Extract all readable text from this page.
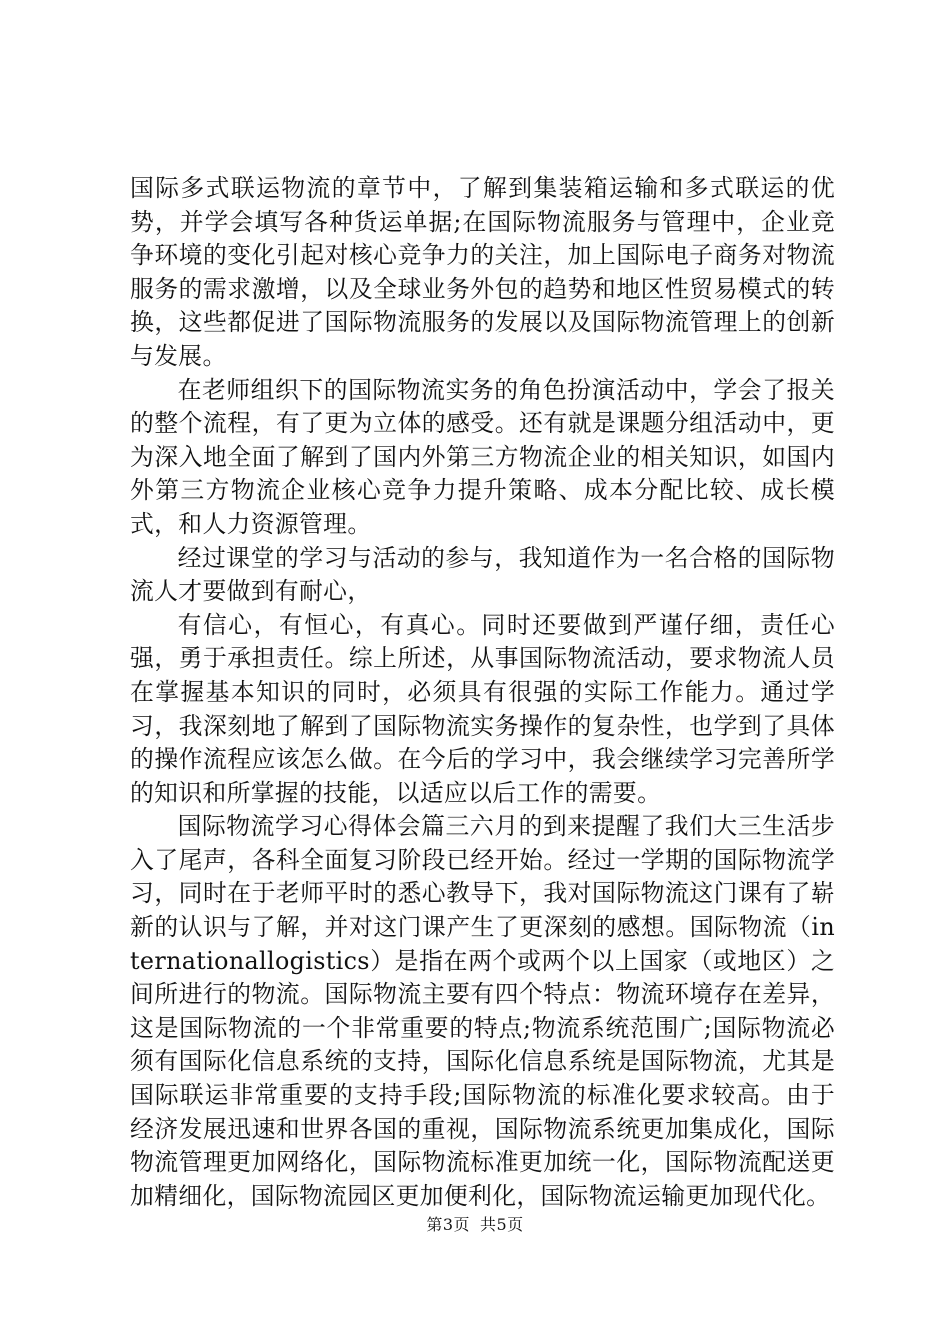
国际多式联运物流的章节中，了解到集装箱运输和多式联运的优势，并学会填写各种货运单据;在国际物流服务与管理中，企业竞争环境的变化引起对核心竞争力的关注，加上国际电子商务对物流服务的需求激增，以及全球业务外包的趋势和地区性贸易模式的转换，这些都促进了国际物流服务的发展以及国际物流管理上的创新与发展。

在老师组织下的国际物流实务的角色扮演活动中，学会了报关的整个流程，有了更为立体的感受。还有就是课题分组活动中，更为深入地全面了解到了国内外第三方物流企业的相关知识，如国内外第三方物流企业核心竞争力提升策略、成本分配比较、成长模式，和人力资源管理。

经过课堂的学习与活动的参与，我知道作为一名合格的国际物流人才要做到有耐心，

有信心，有恒心，有真心。同时还要做到严谨仔细，责任心强，勇于承担责任。综上所述，从事国际物流活动，要求物流人员在掌握基本知识的同时，必须具有很强的实际工作能力。通过学习，我深刻地了解到了国际物流实务操作的复杂性，也学到了具体的操作流程应该怎么做。在今后的学习中，我会继续学习完善所学的知识和所掌握的技能，以适应以后工作的需要。

国际物流学习心得体会篇三六月的到来提醒了我们大三生活步入了尾声，各科全面复习阶段已经开始。经过一学期的国际物流学习，同时在于老师平时的悉心教导下，我对国际物流这门课有了崭新的认识与了解，并对这门课产生了更深刻的感想。国际物流（internationallogistics）是指在两个或两个以上国家（或地区）之间所进行的物流。国际物流主要有四个特点：物流环境存在差异，这是国际物流的一个非常重要的特点;物流系统范围广;国际物流必须有国际化信息系统的支持，国际化信息系统是国际物流，尤其是国际联运非常重要的支持手段;国际物流的标准化要求较高。由于经济发展迅速和世界各国的重视，国际物流系统更加集成化，国际物流管理更加网络化，国际物流标准更加统一化，国际物流配送更加精细化，国际物流园区更加便利化，国际物流运输更加现代化。

第3页 共5页
